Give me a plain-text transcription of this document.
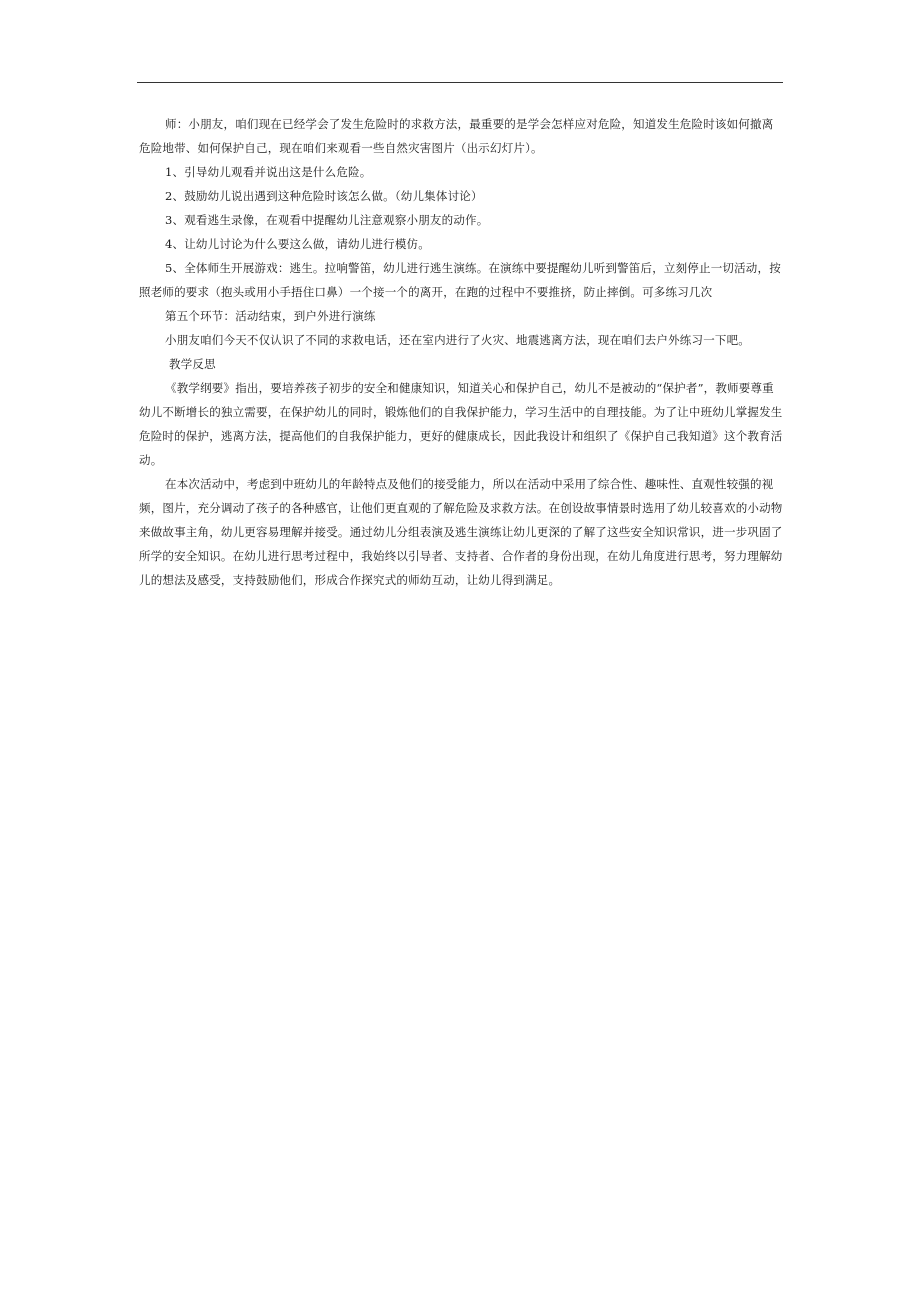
师：小朋友，咱们现在已经学会了发生危险时的求救方法，最重要的是学会怎样应对危险，知道发生危险时该如何撤离危险地带、如何保护自己，现在咱们来观看一些自然灾害图片（出示幻灯片）。

1、引导幼儿观看并说出这是什么危险。

2、鼓励幼儿说出遇到这种危险时该怎么做。（幼儿集体讨论）

3、观看逃生录像，在观看中提醒幼儿注意观察小朋友的动作。

4、让幼儿讨论为什么要这么做，请幼儿进行模仿。

5、全体师生开展游戏：逃生。拉响警笛，幼儿进行逃生演练。在演练中要提醒幼儿听到警笛后，立刻停止一切活动，按照老师的要求（抱头或用小手捂住口鼻）一个接一个的离开，在跑的过程中不要推挤，防止摔倒。可多练习几次

第五个环节：活动结束，到户外进行演练

小朋友咱们今天不仅认识了不同的求救电话，还在室内进行了火灾、地震逃离方法，现在咱们去户外练习一下吧。

教学反思

《教学纲要》指出，要培养孩子初步的安全和健康知识，知道关心和保护自己，幼儿不是被动的“保护者”，教师要尊重幼儿不断增长的独立需要，在保护幼儿的同时，锻炼他们的自我保护能力，学习生活中的自理技能。为了让中班幼儿掌握发生危险时的保护，逃离方法，提高他们的自我保护能力，更好的健康成长，因此我设计和组织了《保护自己我知道》这个教育活动。

在本次活动中，考虑到中班幼儿的年龄特点及他们的接受能力，所以在活动中采用了综合性、趣味性、直观性较强的视频，图片，充分调动了孩子的各种感官，让他们更直观的了解危险及求救方法。在创设故事情景时选用了幼儿较喜欢的小动物来做故事主角，幼儿更容易理解并接受。通过幼儿分组表演及逃生演练让幼儿更深的了解了这些安全知识常识，进一步巩固了所学的安全知识。在幼儿进行思考过程中，我始终以引导者、支持者、合作者的身份出现，在幼儿角度进行思考，努力理解幼儿的想法及感受，支持鼓励他们，形成合作探究式的师幼互动，让幼儿得到满足。
